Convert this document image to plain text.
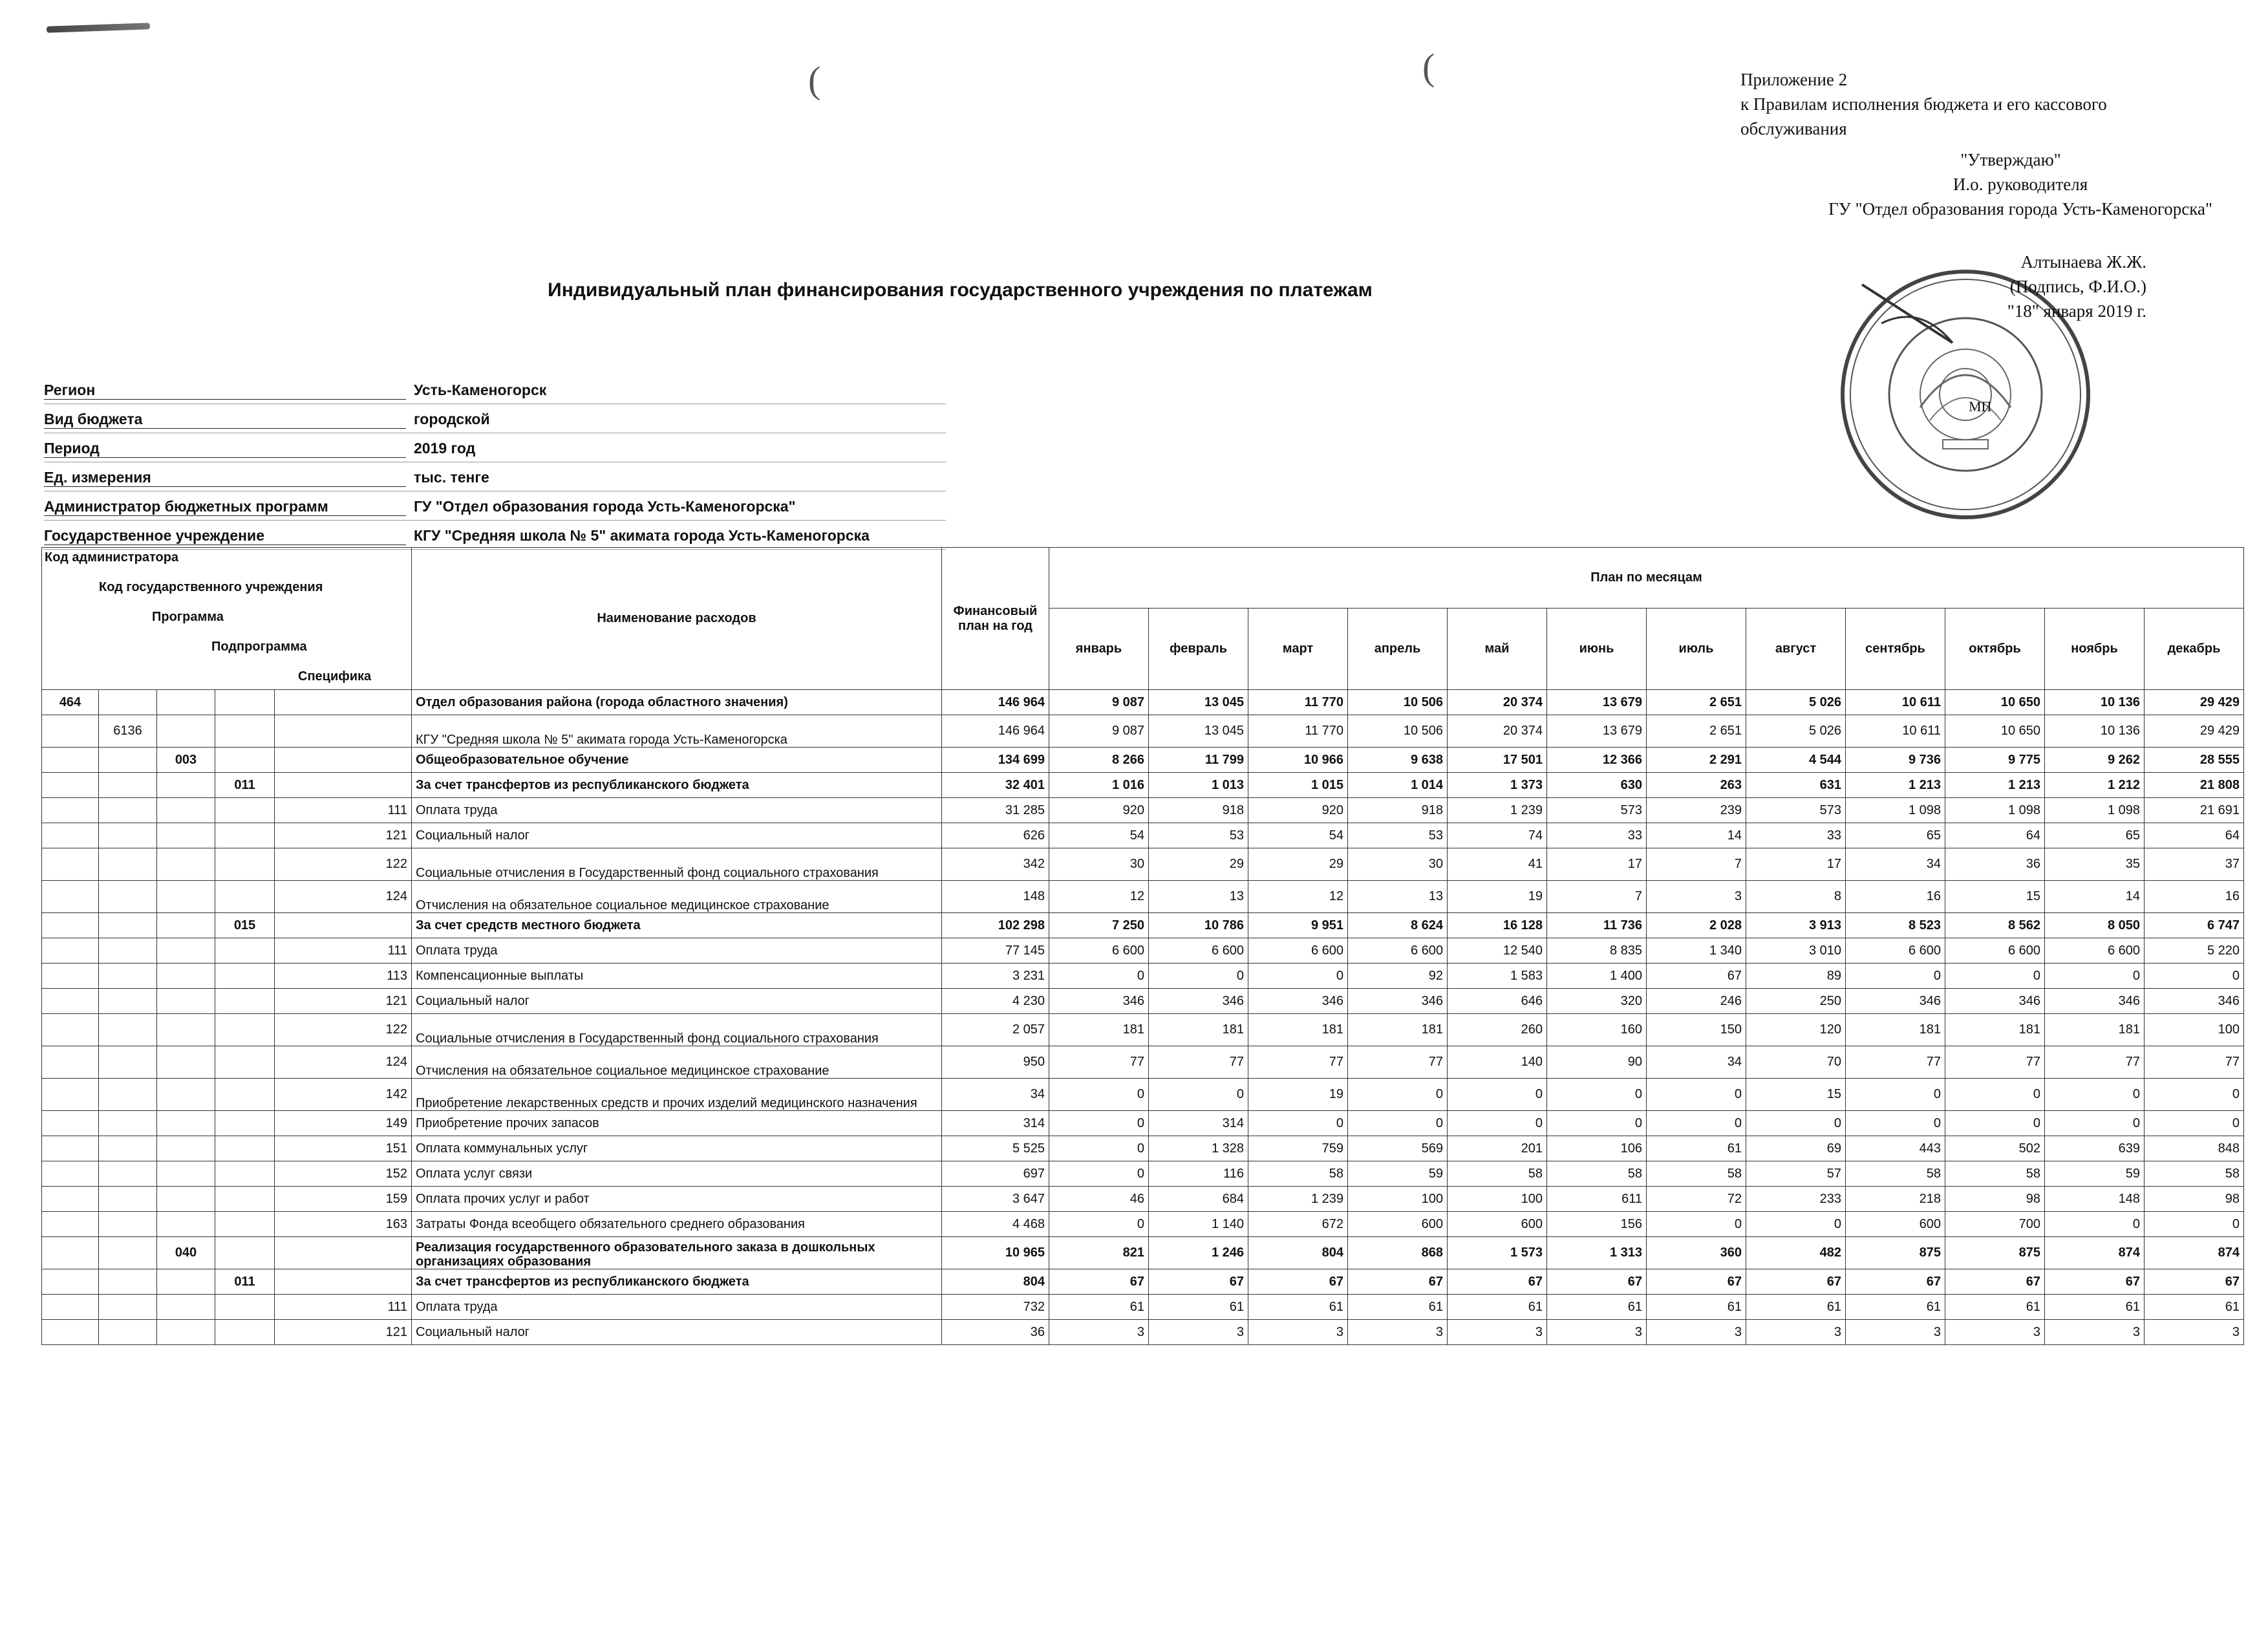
(	(	Приложение 2
к Правилам исполнения бюджета и его кассового
обслуживания
"Утверждаю"
И.о. руководителя
ГУ "Отдел образования города Усть-Каменогорска"
Алтынаева Ж.Ж.
(Подпись, Ф.И.О.)
"18" января 2019 г.
МП
Индивидуальный план финансирования государственного учреждения по платежам
Регион	Усть-Каменогорск
Вид бюджета	городской
Период	2019 год
Ед. измерения	тыс. тенге
Администратор бюджетных программ	ГУ "Отдел образования города Усть-Каменогорска"
Государственное учреждение	КГУ "Средняя школа № 5" акимата города Усть-Каменогорска
Код администратора
Код государственного учреждения
Программа
Подпрограмма
Специфика					Наименование расходов	Финансовый план на год	План по месяцам											
							январь	февраль	март	апрель	май	июнь	июль	август	сентябрь	октябрь	ноябрь	декабрь
464					Отдел образования района (города областного значения)	146 964	9 087	13 045	11 770	10 506	20 374	13 679	2 651	5 026	10 611	10 650	10 136	29 429
	6136				КГУ "Средняя школа № 5" акимата города Усть-Каменогорска	146 964	9 087	13 045	11 770	10 506	20 374	13 679	2 651	5 026	10 611	10 650	10 136	29 429
		003			Общеобразовательное обучение	134 699	8 266	11 799	10 966	9 638	17 501	12 366	2 291	4 544	9 736	9 775	9 262	28 555
			011		За счет трансфертов из республиканского бюджета	32 401	1 016	1 013	1 015	1 014	1 373	630	263	631	1 213	1 213	1 212	21 808
				111	Оплата труда	31 285	920	918	920	918	1 239	573	239	573	1 098	1 098	1 098	21 691
				121	Социальный налог	626	54	53	54	53	74	33	14	33	65	64	65	64
				122	Социальные отчисления в Государственный фонд социального страхования	342	30	29	29	30	41	17	7	17	34	36	35	37
				124	Отчисления на обязательное социальное медицинское страхование	148	12	13	12	13	19	7	3	8	16	15	14	16
			015		За счет средств местного бюджета	102 298	7 250	10 786	9 951	8 624	16 128	11 736	2 028	3 913	8 523	8 562	8 050	6 747
				111	Оплата труда	77 145	6 600	6 600	6 600	6 600	12 540	8 835	1 340	3 010	6 600	6 600	6 600	5 220
				113	Компенсационные выплаты	3 231	0	0	0	92	1 583	1 400	67	89	0	0	0	0
				121	Социальный налог	4 230	346	346	346	346	646	320	246	250	346	346	346	346
				122	Социальные отчисления в Государственный фонд социального страхования	2 057	181	181	181	181	260	160	150	120	181	181	181	100
				124	Отчисления на обязательное социальное медицинское страхование	950	77	77	77	77	140	90	34	70	77	77	77	77
				142	Приобретение лекарственных средств и прочих изделий медицинского назначения	34	0	0	19	0	0	0	0	15	0	0	0	0
				149	Приобретение прочих запасов	314	0	314	0	0	0	0	0	0	0	0	0	0
				151	Оплата коммунальных услуг	5 525	0	1 328	759	569	201	106	61	69	443	502	639	848
				152	Оплата услуг связи	697	0	116	58	59	58	58	58	57	58	58	59	58
				159	Оплата прочих услуг и работ	3 647	46	684	1 239	100	100	611	72	233	218	98	148	98
				163	Затраты Фонда всеобщего обязательного среднего образования	4 468	0	1 140	672	600	600	156	0	0	600	700	0	0
		040			Реализация государственного образовательного заказа в дошкольных организациях образования	10 965	821	1 246	804	868	1 573	1 313	360	482	875	875	874	874
			011		За счет трансфертов из республиканского бюджета	804	67	67	67	67	67	67	67	67	67	67	67	67
				111	Оплата труда	732	61	61	61	61	61	61	61	61	61	61	61	61
				121	Социальный налог	36	3	3	3	3	3	3	3	3	3	3	3	3
